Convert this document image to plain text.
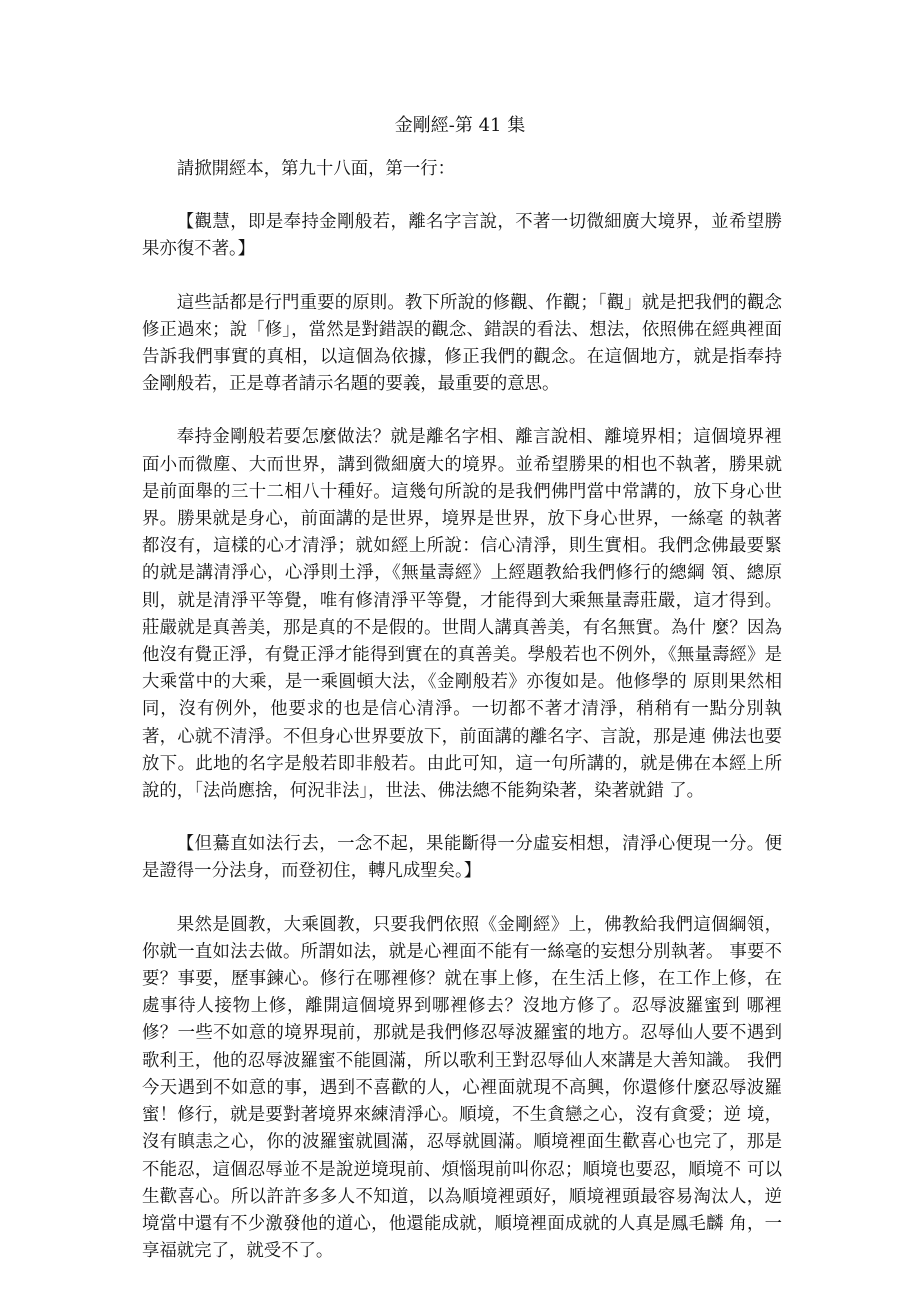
金剛經-第 41 集

請掀開經本，第九十八面，第一行：

【觀慧，即是奉持金剛般若，離名字言說，不著一切微細廣大境界，並希望勝果亦復不著。】

這些話都是行門重要的原則。教下所說的修觀、作觀；「觀」就是把我們的觀念修正過來；說「修」，當然是對錯誤的觀念、錯誤的看法、想法，依照佛在經典裡面告訴我們事實的真相，以這個為依據，修正我們的觀念。在這個地方，就是指奉持金剛般若，正是尊者請示名題的要義，最重要的意思。

奉持金剛般若要怎麼做法？就是離名字相、離言說相、離境界相；這個境界裡面小而微塵、大而世界，講到微細廣大的境界。並希望勝果的相也不執著，勝果就是前面舉的三十二相八十種好。這幾句所說的是我們佛門當中常講的，放下身心世界。勝果就是身心，前面講的是世界，境界是世界，放下身心世界，一絲毫 的執著都沒有，這樣的心才清淨；就如經上所說：信心清淨，則生實相。我們念佛最要緊的就是講清淨心，心淨則土淨，《無量壽經》上經題教給我們修行的總綱 領、總原則，就是清淨平等覺，唯有修清淨平等覺，才能得到大乘無量壽莊嚴，這才得到。莊嚴就是真善美，那是真的不是假的。世間人講真善美，有名無實。為什 麼？因為他沒有覺正淨，有覺正淨才能得到實在的真善美。學般若也不例外，《無量壽經》是大乘當中的大乘，是一乘圓頓大法，《金剛般若》亦復如是。他修學的 原則果然相同，沒有例外，他要求的也是信心清淨。一切都不著才清淨，稍稍有一點分別執著，心就不清淨。不但身心世界要放下，前面講的離名字、言說，那是連 佛法也要放下。此地的名字是般若即非般若。由此可知，這一句所講的，就是佛在本經上所說的，「法尚應捨，何況非法」，世法、佛法總不能夠染著，染著就錯 了。

【但驀直如法行去，一念不起，果能斷得一分虛妄相想，清淨心便現一分。便是證得一分法身，而登初住，轉凡成聖矣。】

果然是圓教，大乘圓教，只要我們依照《金剛經》上，佛教給我們這個綱領，你就一直如法去做。所謂如法，就是心裡面不能有一絲毫的妄想分別執著。 事要不要？事要，歷事鍊心。修行在哪裡修？就在事上修，在生活上修，在工作上修，在處事待人接物上修，離開這個境界到哪裡修去？沒地方修了。忍辱波羅蜜到 哪裡修？一些不如意的境界現前，那就是我們修忍辱波羅蜜的地方。忍辱仙人要不遇到歌利王，他的忍辱波羅蜜不能圓滿，所以歌利王對忍辱仙人來講是大善知識。 我們今天遇到不如意的事，遇到不喜歡的人，心裡面就現不高興，你還修什麼忍辱波羅蜜！修行，就是要對著境界來練清淨心。順境，不生貪戀之心，沒有貪愛；逆 境，沒有瞋恚之心，你的波羅蜜就圓滿，忍辱就圓滿。順境裡面生歡喜心也完了，那是不能忍，這個忍辱並不是說逆境現前、煩惱現前叫你忍；順境也要忍，順境不 可以生歡喜心。所以許許多多人不知道，以為順境裡頭好，順境裡頭最容易淘汰人，逆境當中還有不少激發他的道心，他還能成就，順境裡面成就的人真是鳳毛麟 角，一享福就完了，就受不了。
